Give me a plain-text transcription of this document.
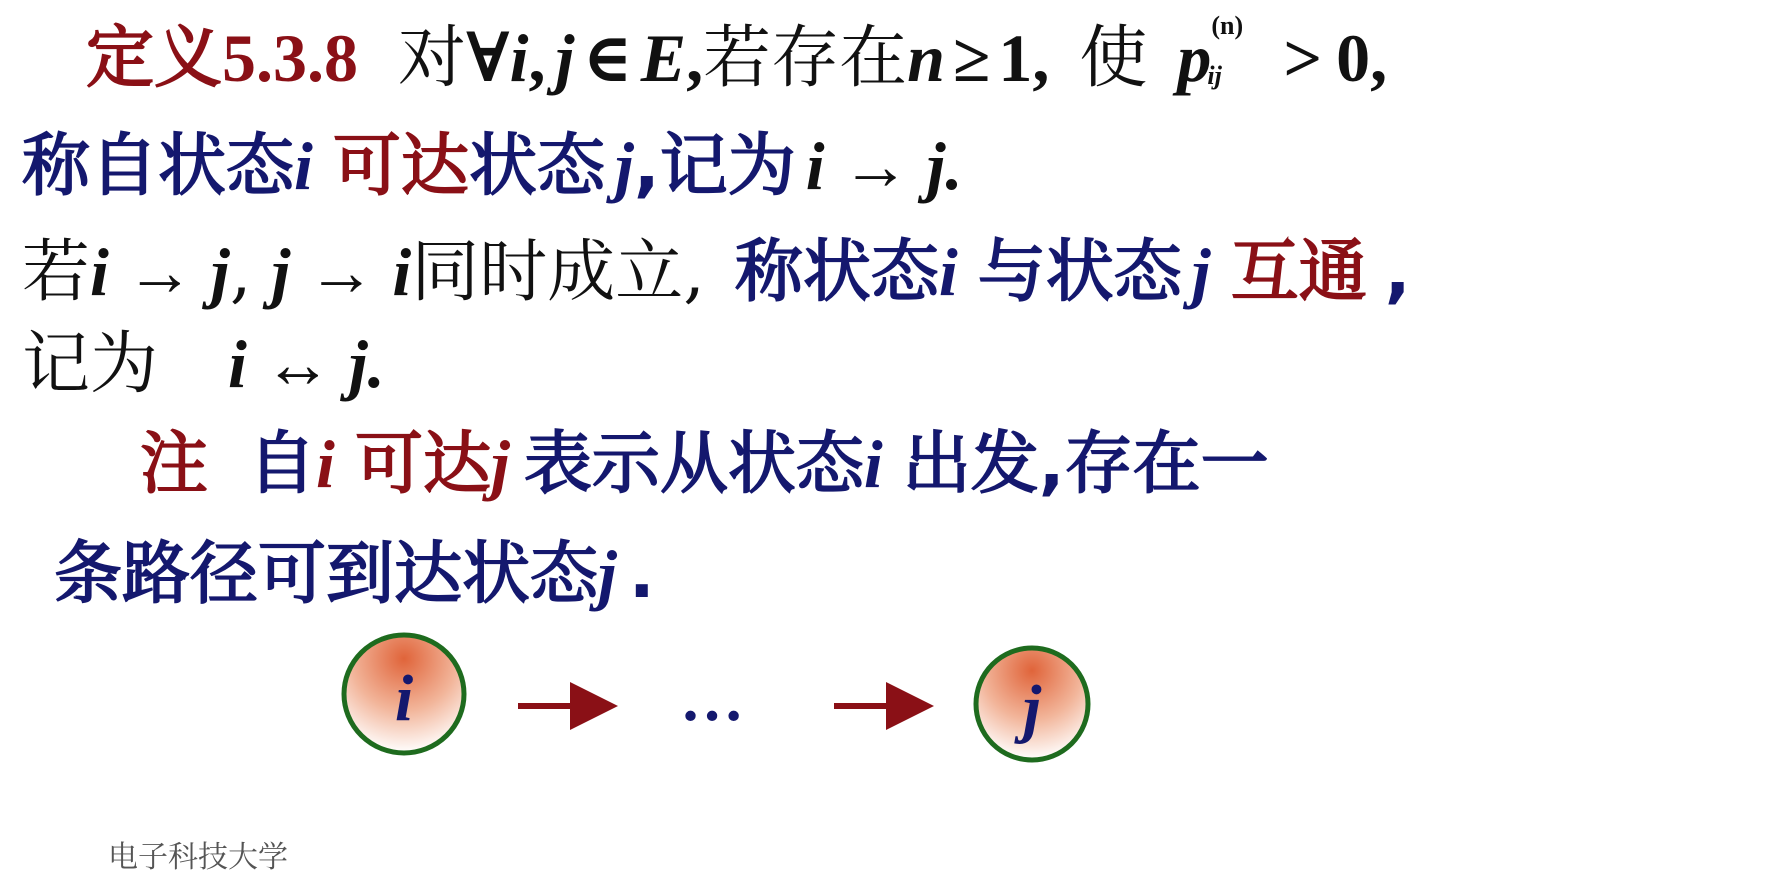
定义5.3.8 对∀i, j ∈ E,若存在n ≥ 1, 使 p (n)
ij > 0,
称自状态i 可达状态 j,记为 i → j.
若i → j, j → i同时成立, 称状态i 与状态 j 互通 ,
记为 i ↔ j.
注 自i 可达j 表示从状态i 出发,存在一
条路径可到达状态j .
i	…	j
电子科技大学
